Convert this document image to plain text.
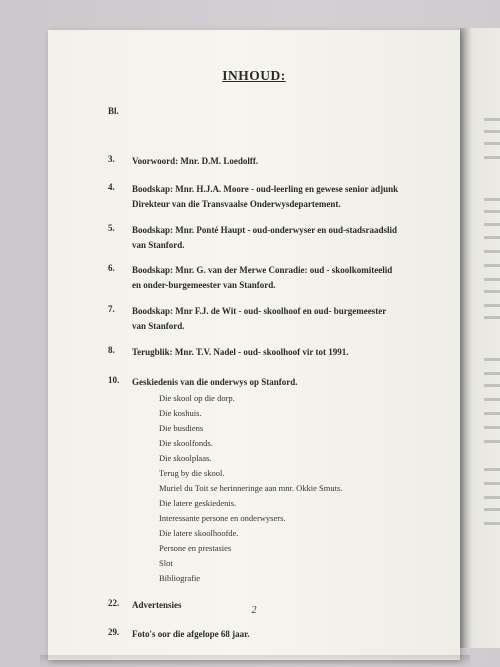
INHOUD:
Bl.
3. Voorwoord: Mnr. D.M. Loedolff.
4. Boodskap: Mnr. H.J.A. Moore - oud-leerling en gewese senior adjunk Direkteur van die Transvaalse Onderwysdepartement.
5. Boodskap: Mnr. Ponté Haupt - oud-onderwyser en oud-stadsraadslid van Stanford.
6. Boodskap: Mnr. G. van der Merwe Conradie: oud - skoolkomiteelid en onder-burgemeester van Stanford.
7. Boodskap: Mnr F.J. de Wit - oud- skoolhoof en oud- burgemeester van Stanford.
8. Terugblik: Mnr. T.V. Nadel - oud- skoolhoof vir tot 1991.
10. Geskiedenis van die onderwys op Stanford.
Die skool op die dorp.
Die koshuis.
Die busdiens
Die skoolfonds.
Die skoolplaas.
Terug by die skool.
Muriel du Toit se herinneringe aan mnr. Okkie Smuts.
Die latere geskiedenis.
Interessante persone en onderwysers.
Die latere skoolhoofde.
Persone en prestasies
Slot
Bibliografie
22. Advertensies
29. Foto's oor die afgelope 68 jaar.
2
